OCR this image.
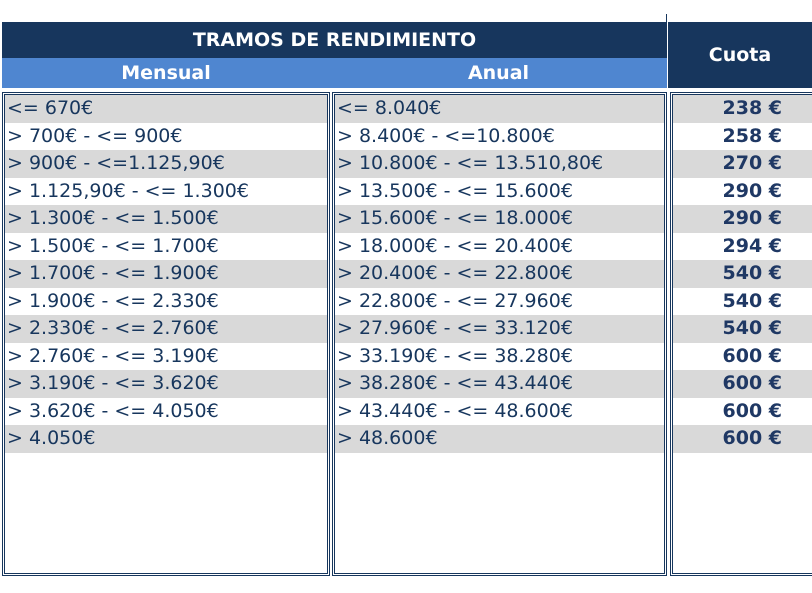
TRAMOS DE RENDIMIENTO
Mensual	Anual
Cuota
<= 670€
> 700€ - <= 900€
> 900€ - <=1.125,90€
> 1.125,90€ - <= 1.300€
> 1.300€ - <= 1.500€
> 1.500€ - <= 1.700€
> 1.700€ - <= 1.900€
> 1.900€ - <= 2.330€
> 2.330€ - <= 2.760€
> 2.760€ - <= 3.190€
> 3.190€ - <= 3.620€
> 3.620€ - <= 4.050€
> 4.050€
<= 8.040€
> 8.400€ - <=10.800€
> 10.800€ - <= 13.510,80€
> 13.500€ - <= 15.600€
> 15.600€ - <= 18.000€
> 18.000€ - <= 20.400€
> 20.400€ - <= 22.800€
> 22.800€ - <= 27.960€
> 27.960€ - <= 33.120€
> 33.190€ - <= 38.280€
> 38.280€ - <= 43.440€
> 43.440€ - <= 48.600€
> 48.600€
238 €
258 €
270 €
290 €
290 €
294 €
540 €
540 €
540 €
600 €
600 €
600 €
600 €
